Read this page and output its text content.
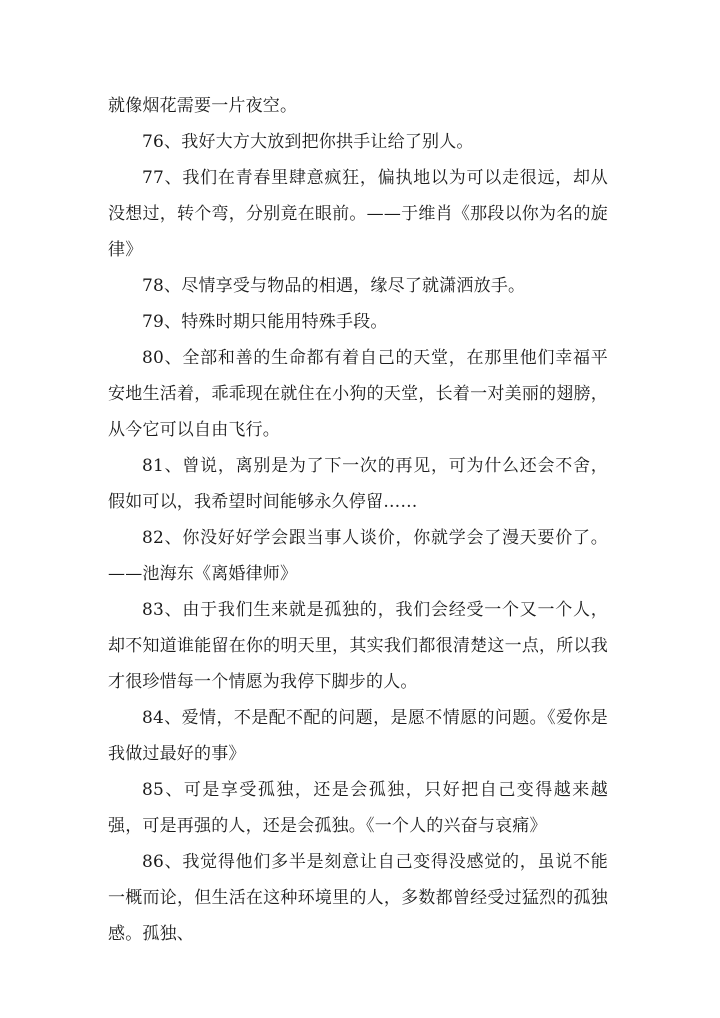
就像烟花需要一片夜空。

76、我好大方大放到把你拱手让给了别人。

77、我们在青春里肆意疯狂，偏执地以为可以走很远，却从没想过，转个弯，分别竟在眼前。——于维肖《那段以你为名的旋律》

78、尽情享受与物品的相遇，缘尽了就潇洒放手。

79、特殊时期只能用特殊手段。

80、全部和善的生命都有着自己的天堂，在那里他们幸福平安地生活着，乖乖现在就住在小狗的天堂，长着一对美丽的翅膀，从今它可以自由飞行。

81、曾说，离别是为了下一次的再见，可为什么还会不舍，假如可以，我希望时间能够永久停留……

82、你没好好学会跟当事人谈价，你就学会了漫天要价了。——池海东《离婚律师》

83、由于我们生来就是孤独的，我们会经受一个又一个人，却不知道谁能留在你的明天里，其实我们都很清楚这一点，所以我才很珍惜每一个情愿为我停下脚步的人。

84、爱情，不是配不配的问题，是愿不情愿的问题。《爱你是我做过最好的事》

85、可是享受孤独，还是会孤独，只好把自己变得越来越强，可是再强的人，还是会孤独。《一个人的兴奋与哀痛》

86、我觉得他们多半是刻意让自己变得没感觉的，虽说不能一概而论，但生活在这种环境里的人，多数都曾经受过猛烈的孤独感。孤独、
